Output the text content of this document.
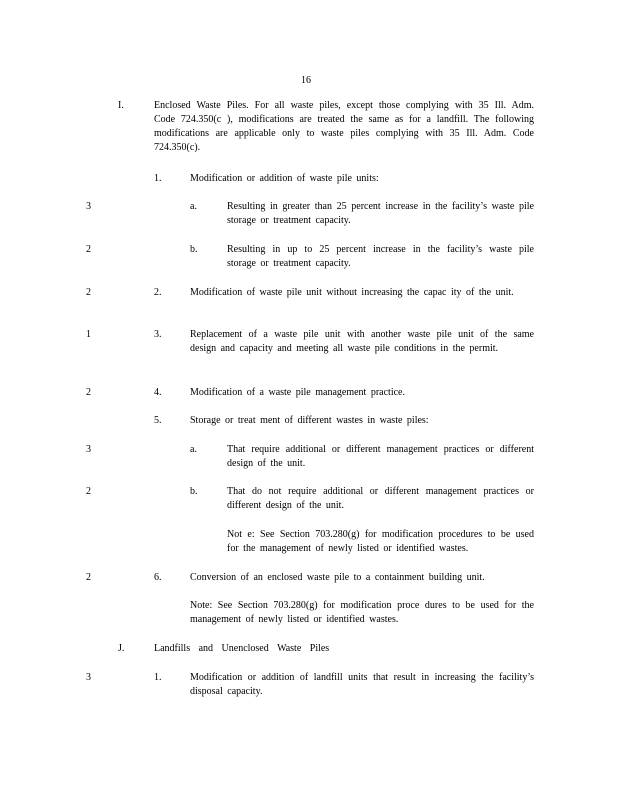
16
I.	Enclosed Waste Piles. For all waste piles, except those complying with 35 Ill. Adm. Code 724.350(c ), modifications are treated the same as for a landfill. The following modifications are applicable only to waste piles complying with 35 Ill. Adm. Code 724.350(c).
1.	Modification or addition of waste pile units:
3	a.	Resulting in greater than 25 percent increase in the facility’s waste pile storage or treatment capacity.
2	b.	Resulting in up to 25 percent increase in the facility’s waste pile storage or treatment capacity.
2	2.	Modification of waste pile unit without increasing the capac ity of the unit.
1	3.	Replacement of a waste pile unit with another waste pile unit of the same design and capacity and meeting all waste pile conditions in the permit.
2	4.	Modification of a waste pile management practice.
5.	Storage or treat ment of different wastes in waste piles:
3	a.	That require additional or different management practices or different design of the unit.
2	b.	That do not require additional or different management practices or different design of the unit.
Not e: See Section 703.280(g) for modification procedures to be used for the management of newly listed or identified wastes.
2	6.	Conversion of an enclosed waste pile to a containment building unit.
Note: See Section 703.280(g) for modification proce dures to be used for the management of newly listed or identified wastes.
J.	Landfills and Unenclosed Waste Piles
3	1.	Modification or addition of landfill units that result in increasing the facility’s disposal capacity.
